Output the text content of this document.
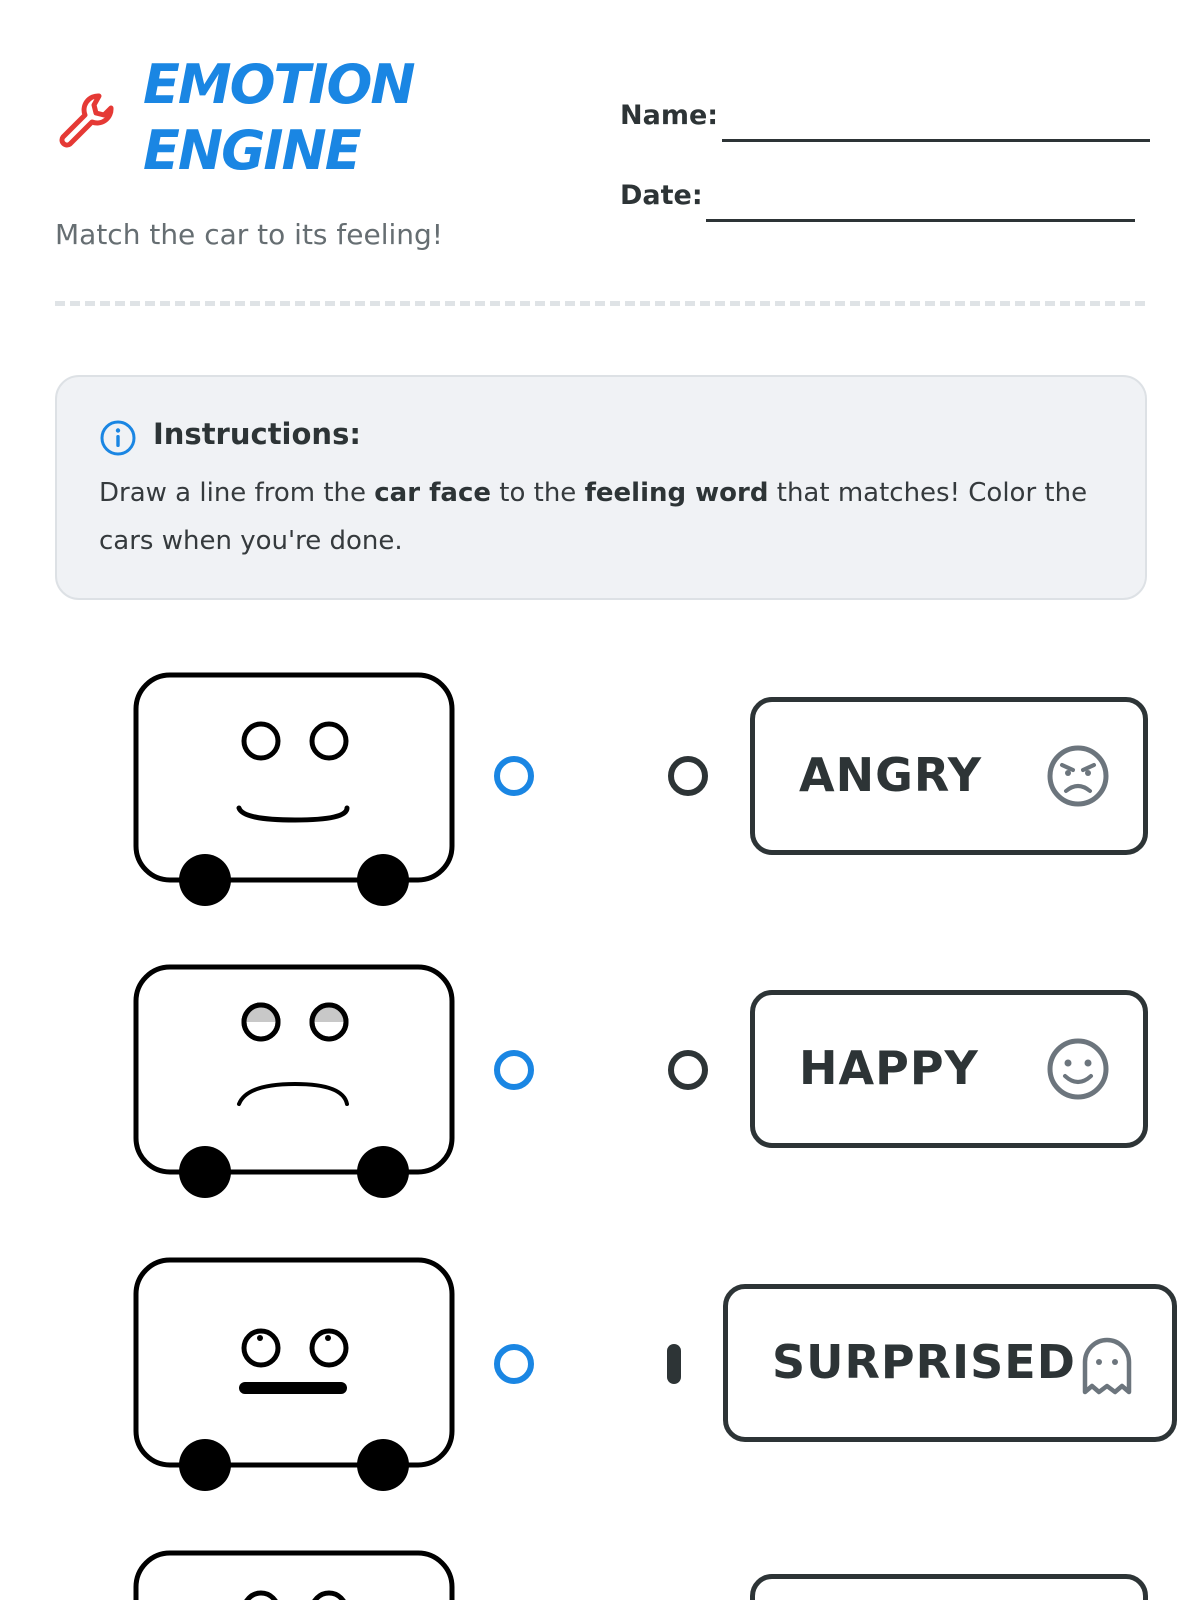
EMOTION ENGINE
Match the car to its feeling!
Name:
Date:
Instructions:
Draw a line from the car face to the feeling word that matches! Color the cars when you're done.
ANGRY
HAPPY
SURPRISED
